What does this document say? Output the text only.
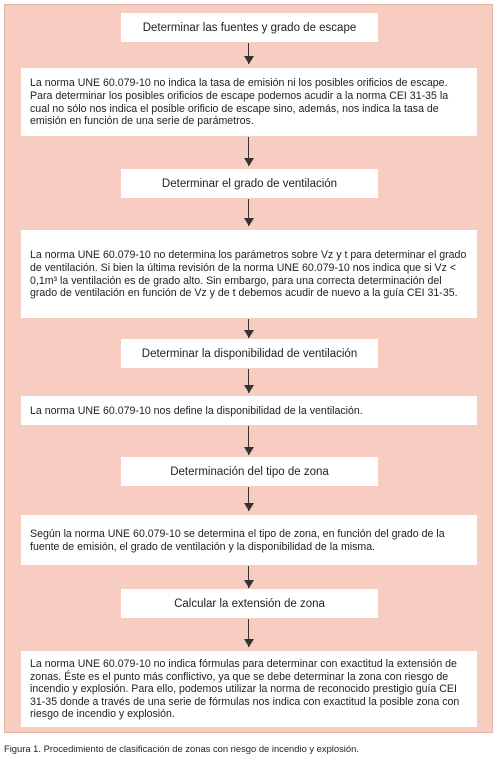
Determinar las fuentes y grado de escape
La norma UNE 60.079-10 no indica la tasa de emisión ni los posibles orificios de escape. Para determinar los posibles orificios de escape podemos acudir a la norma CEI 31-35 la cual no sólo nos indica el posible orificio de escape sino, además, nos indica la tasa de emisión en función de una serie de parámetros.
Determinar el grado de ventilación
La norma UNE 60.079-10 no determina los parámetros sobre Vz y t para determinar el grado de ventilación. Si bien la última revisión de la norma UNE 60.079-10 nos indica que si Vz < 0,1m³ la ventilación es de grado alto. Sin embargo, para una correcta determinación del grado de ventilación en función de Vz y de t debemos acudir de nuevo a la guía CEI 31-35.
Determinar la disponibilidad de ventilación
La norma UNE 60.079-10 nos define la disponibilidad de la ventilación.
Determinación del tipo de zona
Según la norma UNE 60.079-10 se determina el tipo de zona, en función del grado de la fuente de emisión, el grado de ventilación y la disponibilidad de la misma.
Calcular la extensión de zona
La norma UNE 60.079-10 no indica fórmulas para determinar con exactitud la extensión de zonas. Éste es el punto más conflictivo, ya que se debe determinar la zona con riesgo de incendio y explosión. Para ello, podemos utilizar la norma de reconocido prestigio guía CEI 31-35 donde a través de una serie de fórmulas nos indica con exactitud la posible zona con riesgo de incendio y explosión.
Figura 1. Procedimiento de clasificación de zonas con riesgo de incendio y explosión.
